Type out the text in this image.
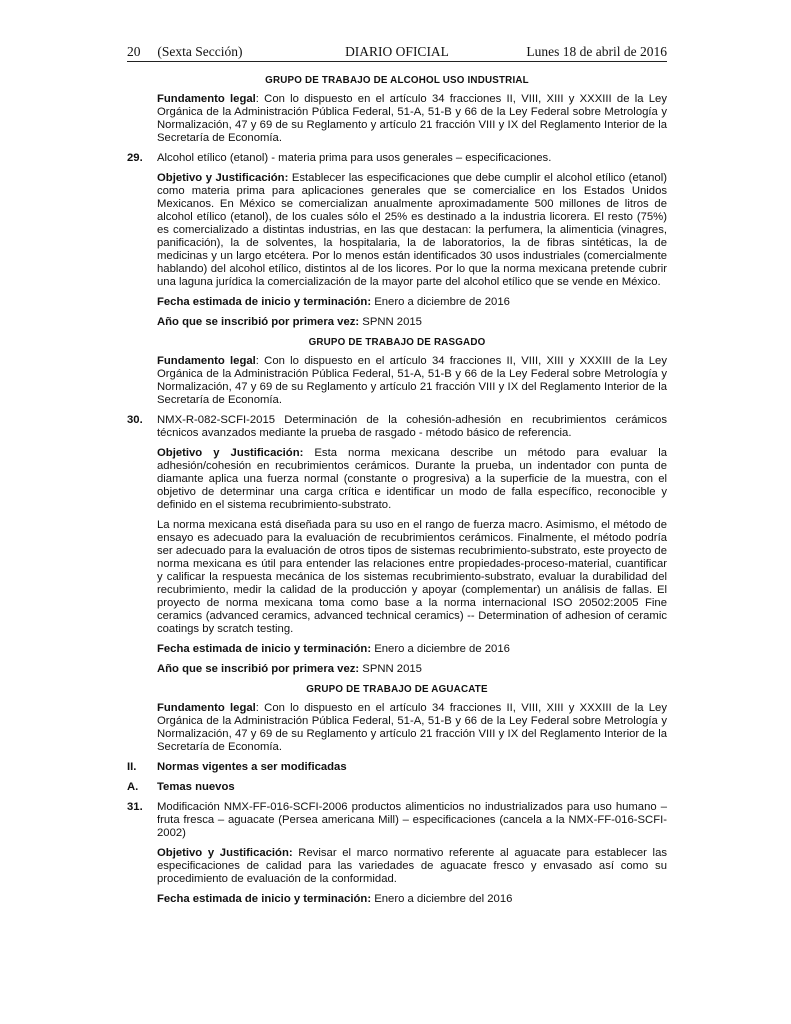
20     (Sexta Sección)	DIARIO OFICIAL	Lunes 18 de abril de 2016
GRUPO DE TRABAJO DE ALCOHOL USO INDUSTRIAL
Fundamento legal: Con lo dispuesto en el artículo 34 fracciones II, VIII, XIII y XXXIII de la Ley Orgánica de la Administración Pública Federal, 51-A, 51-B y 66 de la Ley Federal sobre Metrología y Normalización, 47 y 69 de su Reglamento y artículo 21 fracción VIII y IX del Reglamento Interior de la Secretaría de Economía.
29. Alcohol etílico (etanol) - materia prima para usos generales – especificaciones.
Objetivo y Justificación: Establecer las especificaciones que debe cumplir el alcohol etílico (etanol) como materia prima para aplicaciones generales que se comercialice en los Estados Unidos Mexicanos. En México se comercializan anualmente aproximadamente 500 millones de litros de alcohol etílico (etanol), de los cuales sólo el 25% es destinado a la industria licorera. El resto (75%) es comercializado a distintas industrias, en las que destacan: la perfumera, la alimenticia (vinagres, panificación), la de solventes, la hospitalaria, la de laboratorios, la de fibras sintéticas, la de medicinas y un largo etcétera. Por lo menos están identificados 30 usos industriales (comercialmente hablando) del alcohol etílico, distintos al de los licores. Por lo que la norma mexicana pretende cubrir una laguna jurídica la comercialización de la mayor parte del alcohol etílico que se vende en México.
Fecha estimada de inicio y terminación: Enero a diciembre de 2016
Año que se inscribió por primera vez: SPNN 2015
GRUPO DE TRABAJO DE RASGADO
Fundamento legal: Con lo dispuesto en el artículo 34 fracciones II, VIII, XIII y XXXIII de la Ley Orgánica de la Administración Pública Federal, 51-A, 51-B y 66 de la Ley Federal sobre Metrología y Normalización, 47 y 69 de su Reglamento y artículo 21 fracción VIII y IX del Reglamento Interior de la Secretaría de Economía.
30. NMX-R-082-SCFI-2015 Determinación de la cohesión-adhesión en recubrimientos cerámicos técnicos avanzados mediante la prueba de rasgado - método básico de referencia.
Objetivo y Justificación: Esta norma mexicana describe un método para evaluar la adhesión/cohesión en recubrimientos cerámicos. Durante la prueba, un indentador con punta de diamante aplica una fuerza normal (constante o progresiva) a la superficie de la muestra, con el objetivo de determinar una carga crítica e identificar un modo de falla específico, reconocible y definido en el sistema recubrimiento-substrato.
La norma mexicana está diseñada para su uso en el rango de fuerza macro. Asimismo, el método de ensayo es adecuado para la evaluación de recubrimientos cerámicos. Finalmente, el método podría ser adecuado para la evaluación de otros tipos de sistemas recubrimiento-substrato, este proyecto de norma mexicana es útil para entender las relaciones entre propiedades-proceso-material, cuantificar y calificar la respuesta mecánica de los sistemas recubrimiento-substrato, evaluar la durabilidad del recubrimiento, medir la calidad de la producción y apoyar (complementar) un análisis de fallas. El proyecto de norma mexicana toma como base a la norma internacional ISO 20502:2005 Fine ceramics (advanced ceramics, advanced technical ceramics) -- Determination of adhesion of ceramic coatings by scratch testing.
Fecha estimada de inicio y terminación: Enero a diciembre de 2016
Año que se inscribió por primera vez: SPNN 2015
GRUPO DE TRABAJO DE AGUACATE
Fundamento legal: Con lo dispuesto en el artículo 34 fracciones II, VIII, XIII y XXXIII de la Ley Orgánica de la Administración Pública Federal, 51-A, 51-B y 66 de la Ley Federal sobre Metrología y Normalización, 47 y 69 de su Reglamento y artículo 21 fracción VIII y IX del Reglamento Interior de la Secretaría de Economía.
II. Normas vigentes a ser modificadas
A. Temas nuevos
31. Modificación NMX-FF-016-SCFI-2006 productos alimenticios no industrializados para uso humano – fruta fresca – aguacate (Persea americana Mill) – especificaciones (cancela a la NMX-FF-016-SCFI-2002)
Objetivo y Justificación: Revisar el marco normativo referente al aguacate para establecer las especificaciones de calidad para las variedades de aguacate fresco y envasado así como su procedimiento de evaluación de la conformidad.
Fecha estimada de inicio y terminación: Enero a diciembre del 2016
